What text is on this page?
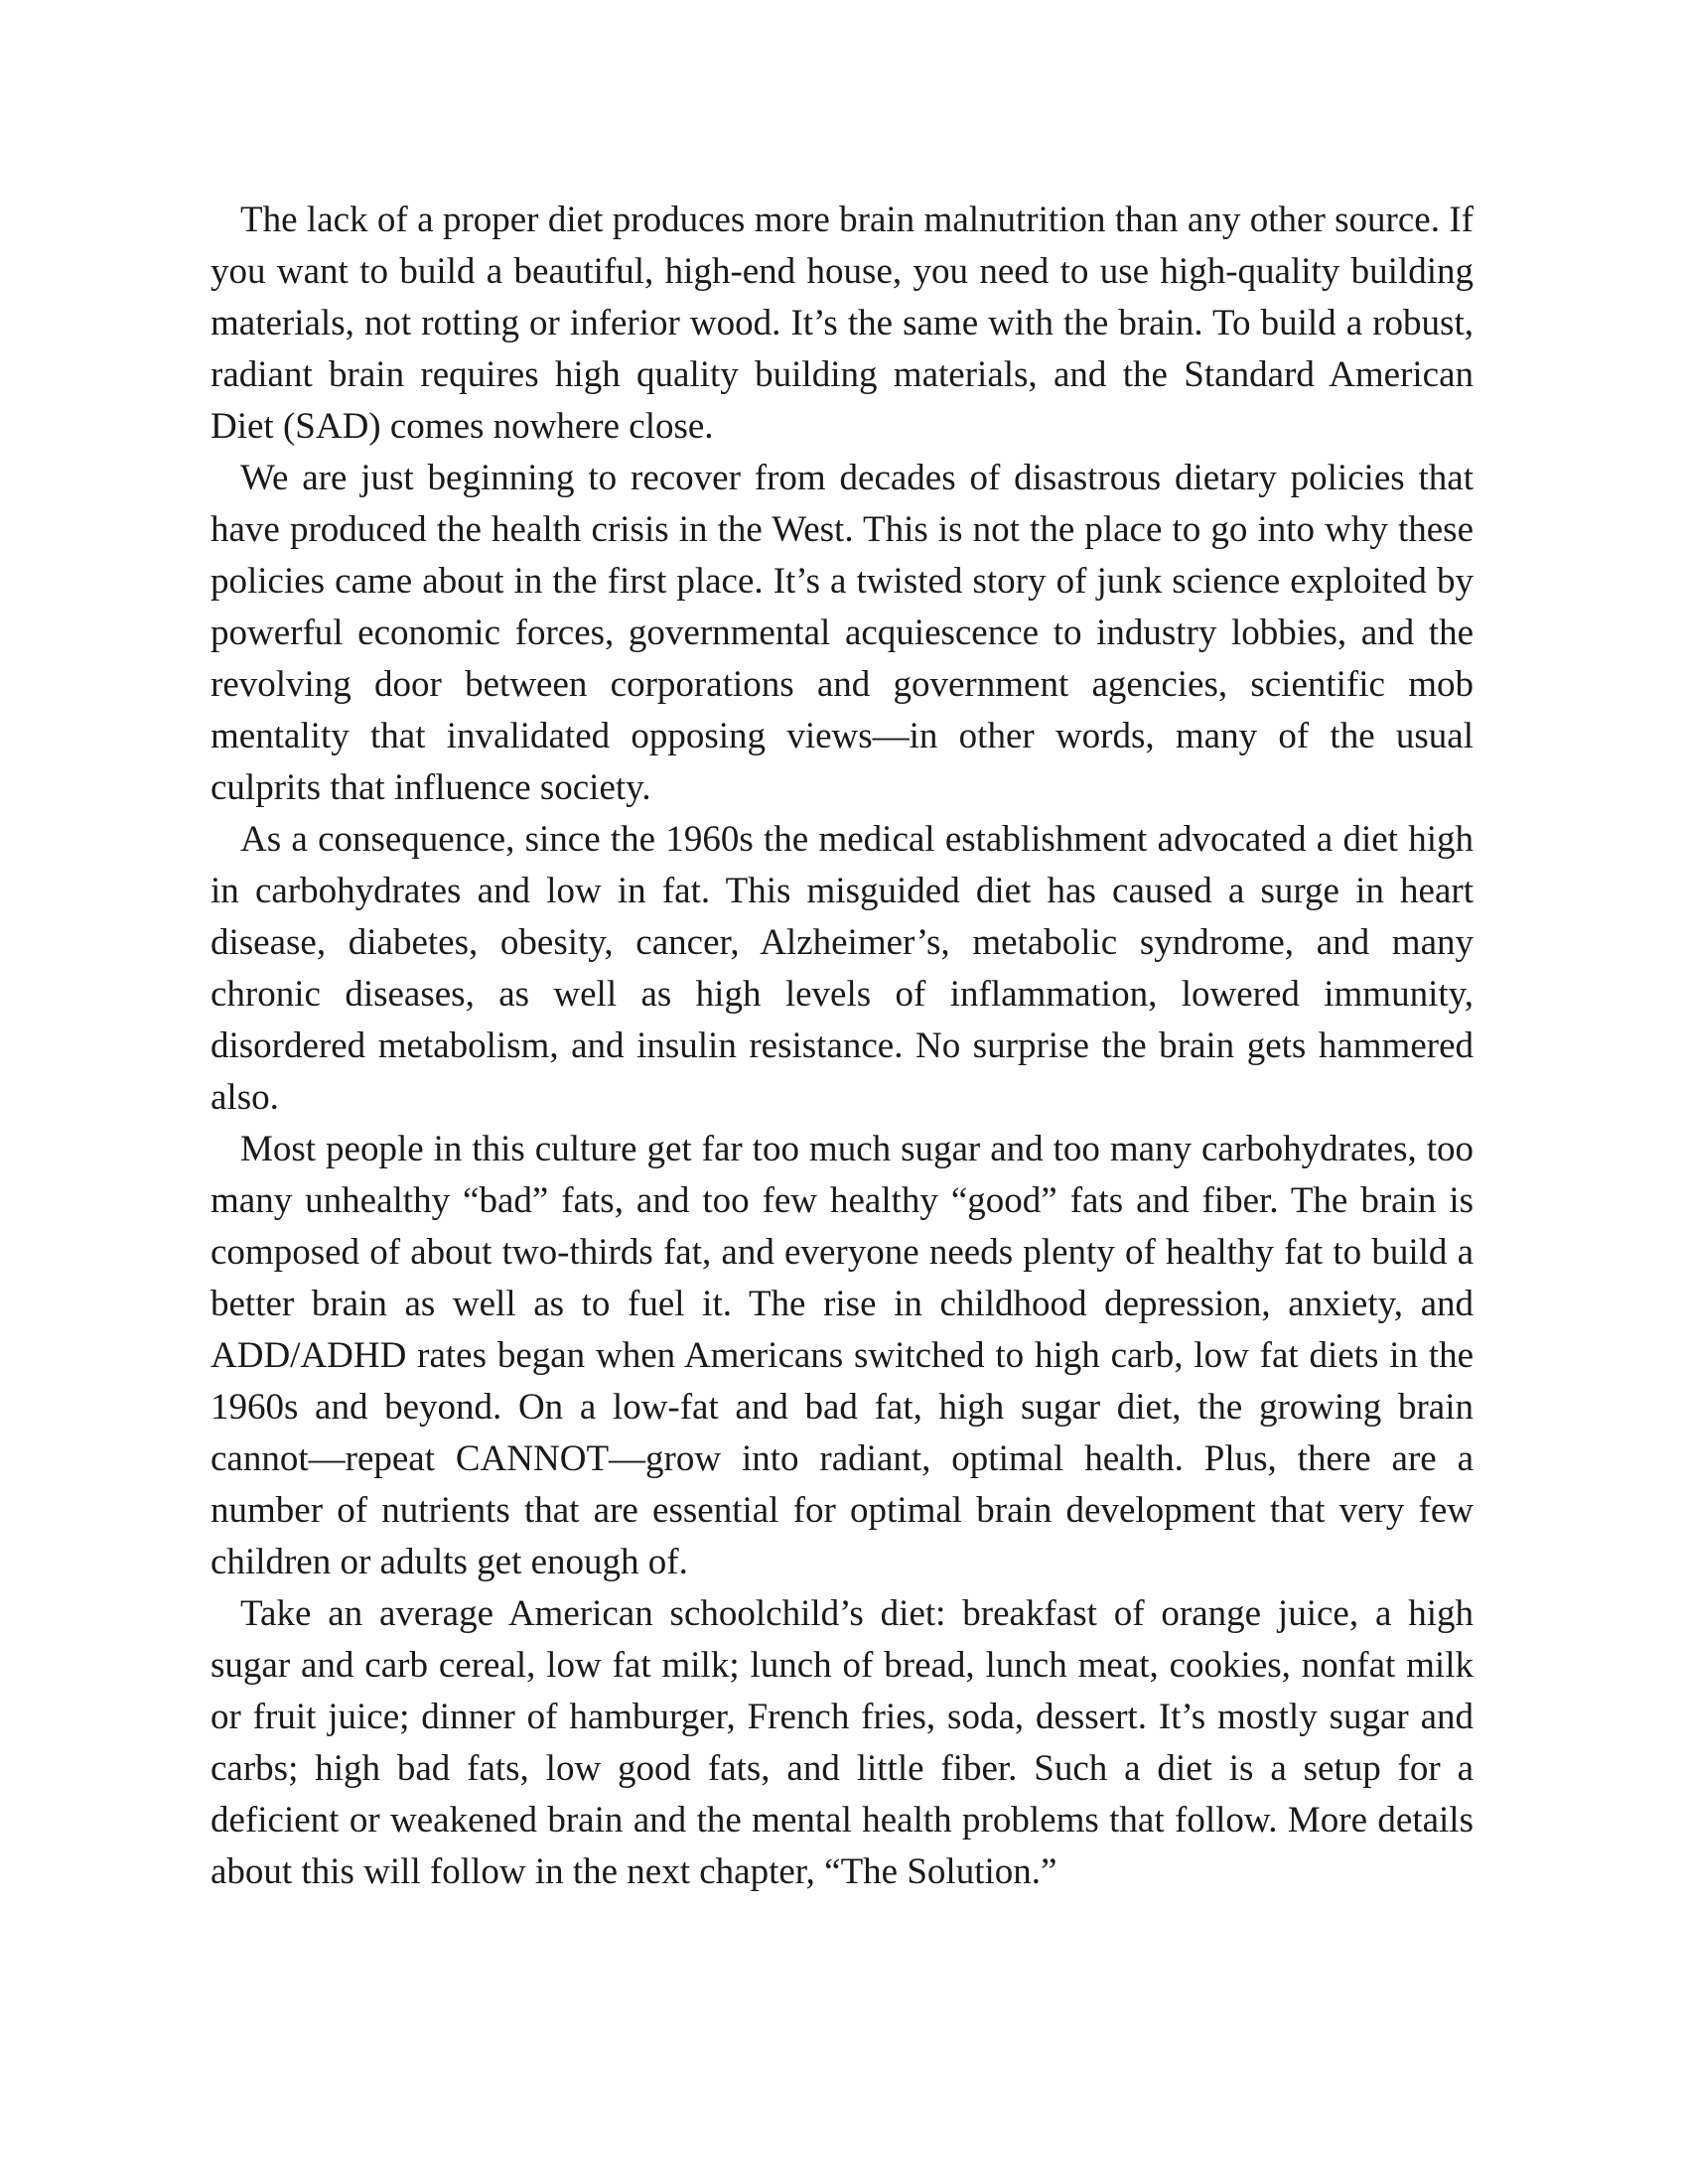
The lack of a proper diet produces more brain malnutrition than any other source. If you want to build a beautiful, high-end house, you need to use high-quality building materials, not rotting or inferior wood. It’s the same with the brain. To build a robust, radiant brain requires high quality building materials, and the Standard American Diet (SAD) comes nowhere close.

We are just beginning to recover from decades of disastrous dietary policies that have produced the health crisis in the West. This is not the place to go into why these policies came about in the first place. It’s a twisted story of junk science exploited by powerful economic forces, governmental acquiescence to industry lobbies, and the revolving door between corporations and government agencies, scientific mob mentality that invalidated opposing views—in other words, many of the usual culprits that influence society.

As a consequence, since the 1960s the medical establishment advocated a diet high in carbohydrates and low in fat. This misguided diet has caused a surge in heart disease, diabetes, obesity, cancer, Alzheimer’s, metabolic syndrome, and many chronic diseases, as well as high levels of inflammation, lowered immunity, disordered metabolism, and insulin resistance. No surprise the brain gets hammered also.

Most people in this culture get far too much sugar and too many carbohydrates, too many unhealthy “bad” fats, and too few healthy “good” fats and fiber. The brain is composed of about two-thirds fat, and everyone needs plenty of healthy fat to build a better brain as well as to fuel it. The rise in childhood depression, anxiety, and ADD/ADHD rates began when Americans switched to high carb, low fat diets in the 1960s and beyond. On a low-fat and bad fat, high sugar diet, the growing brain cannot—repeat CANNOT—grow into radiant, optimal health. Plus, there are a number of nutrients that are essential for optimal brain development that very few children or adults get enough of.

Take an average American schoolchild’s diet: breakfast of orange juice, a high sugar and carb cereal, low fat milk; lunch of bread, lunch meat, cookies, nonfat milk or fruit juice; dinner of hamburger, French fries, soda, dessert. It’s mostly sugar and carbs; high bad fats, low good fats, and little fiber. Such a diet is a setup for a deficient or weakened brain and the mental health problems that follow. More details about this will follow in the next chapter, “The Solution.”
